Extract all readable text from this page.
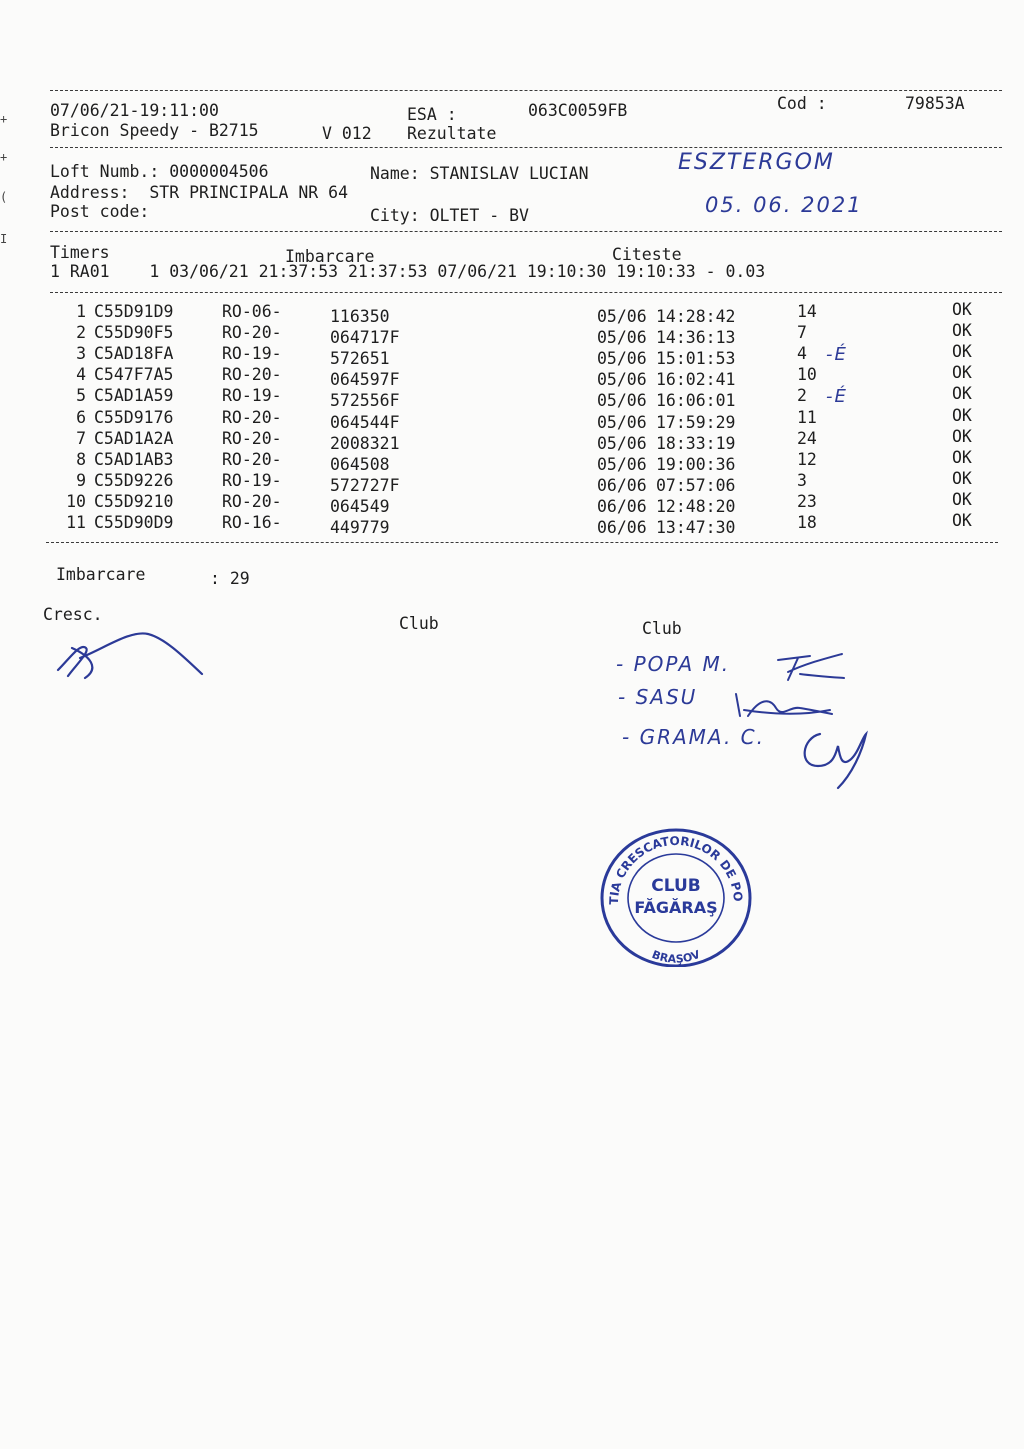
+
+
(
I
07/06/21-19:11:00	ESA :	063C0059FB	Cod :	79853A
Bricon Speedy - B2715	V 012 Rezultate
Loft Numb.: 0000004506	Name: STANISLAV LUCIAN
Address:  STR PRINCIPALA NR 64
Post code:	City: OLTET - BV
ESZTERGOM
05. 06. 2021
Timers	Imbarcare	Citeste
1 RA01    1 03/06/21 21:37:53 21:37:53 07/06/21 19:10:30 19:10:33 - 0.03
1 C55D91D9	RO-06-	116350	05/06 14:28:42	14	OK
2 C55D90F5	RO-20-	064717F	05/06 14:36:13	7	OK
3 C5AD18FA	RO-19-	572651	05/06 15:01:53	4	OK
-É
4 C547F7A5	RO-20-	064597F	05/06 16:02:41	10	OK
5 C5AD1A59	RO-19-	572556F	05/06 16:06:01	2	OK
-É
6 C55D9176	RO-20-	064544F	05/06 17:59:29	11	OK
7 C5AD1A2A	RO-20-	2008321	05/06 18:33:19	24	OK
8 C5AD1AB3	RO-20-	064508	05/06 19:00:36	12	OK
9 C55D9226	RO-19-	572727F	06/06 07:57:06	3	OK
10 C55D9210	RO-20-	064549	06/06 12:48:20	23	OK
11 C55D90D9	RO-16-	449779	06/06 13:47:30	18	OK
Imbarcare	: 29
Cresc.	Club	Club
- POPA M.
- SASU
- GRAMA. C.
TIA CRESCATORILOR DE PO
BRAŞOV
CLUB
FĂGĂRAŞ
